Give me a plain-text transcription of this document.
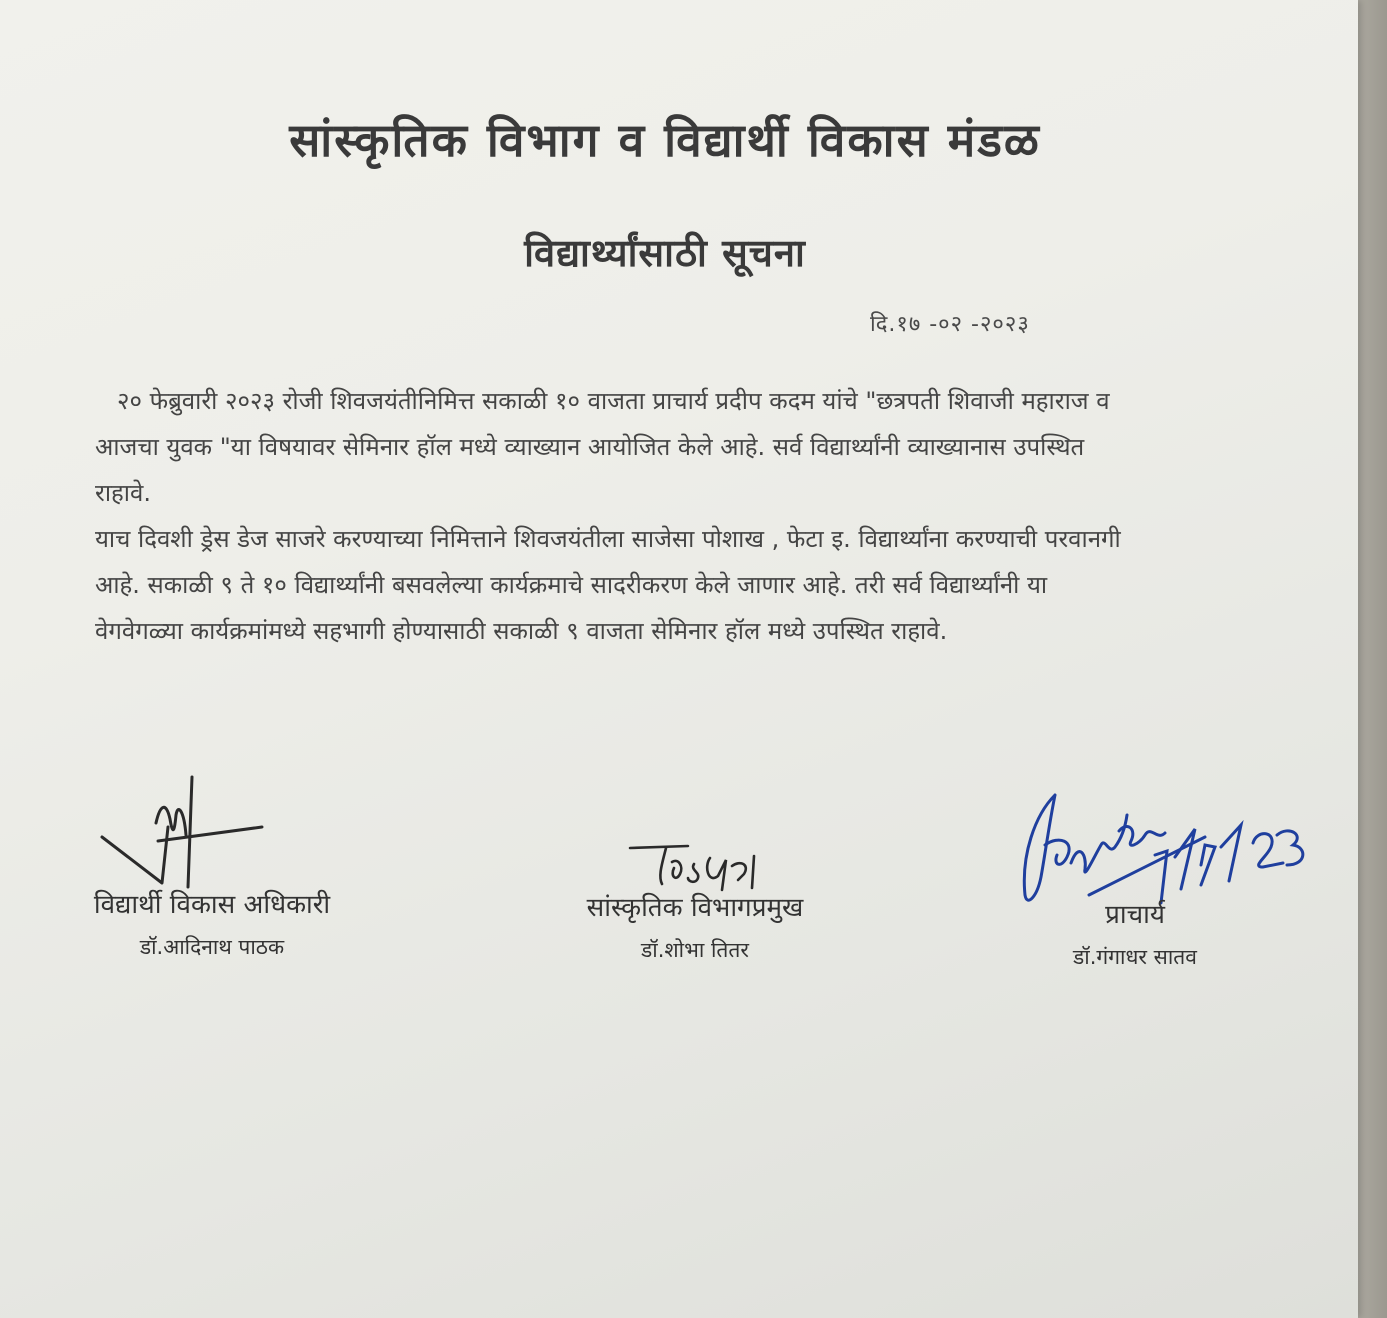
सांस्कृतिक विभाग व विद्यार्थी विकास मंडळ
विद्यार्थ्यांसाठी सूचना
दि.१७ -०२ -२०२३

२० फेब्रुवारी २०२३ रोजी शिवजयंतीनिमित्त सकाळी १० वाजता प्राचार्य प्रदीप कदम यांचे "छत्रपती शिवाजी महाराज व आजचा युवक "या विषयावर सेमिनार हॉल मध्ये व्याख्यान आयोजित केले आहे. सर्व विद्यार्थ्यांनी व्याख्यानास उपस्थित राहावे.

याच दिवशी ड्रेस डेज साजरे करण्याच्या निमित्ताने शिवजयंतीला साजेसा पोशाख , फेटा इ. विद्यार्थ्यांना करण्याची परवानगी आहे. सकाळी ९ ते १० विद्यार्थ्यांनी बसवलेल्या कार्यक्रमाचे सादरीकरण केले जाणार आहे. तरी सर्व विद्यार्थ्यांनी या वेगवेगळ्या कार्यक्रमांमध्ये सहभागी होण्यासाठी सकाळी ९ वाजता सेमिनार हॉल मध्ये उपस्थित राहावे.

विद्यार्थी विकास अधिकारी
डॉ.आदिनाथ पाठक
सांस्कृतिक विभागप्रमुख
डॉ.शोभा तितर
प्राचार्य
डॉ.गंगाधर सातव
